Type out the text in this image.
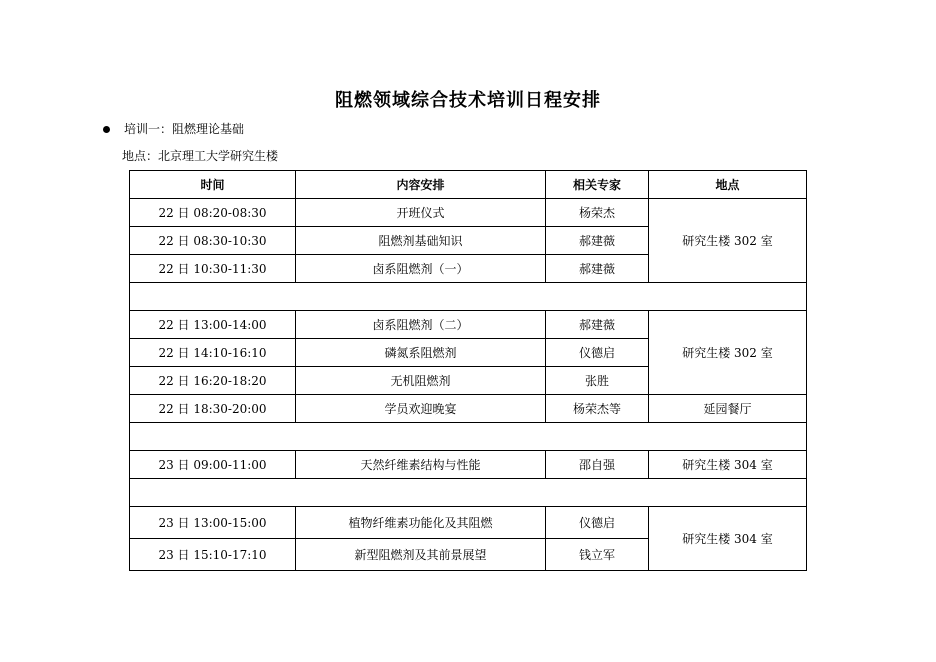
阻燃领域综合技术培训日程安排
培训一：阻燃理论基础
地点：北京理工大学研究生楼
时间	内容安排	相关专家	地点
22 日 08:20-08:30	开班仪式	杨荣杰	研究生楼 302 室
22 日 08:30-10:30	阻燃剂基础知识	郝建薇	
22 日 10:30-11:30	卤系阻燃剂（一）	郝建薇	

22 日 13:00-14:00	卤系阻燃剂（二）	郝建薇	研究生楼 302 室
22 日 14:10-16:10	磷氮系阻燃剂	仪德启	
22 日 16:20-18:20	无机阻燃剂	张胜	
22 日 18:30-20:00	学员欢迎晚宴	杨荣杰等	延园餐厅

23 日 09:00-11:00	天然纤维素结构与性能	邵自强	研究生楼 304 室

23 日 13:00-15:00	植物纤维素功能化及其阻燃	仪德启	研究生楼 304 室
23 日 15:10-17:10	新型阻燃剂及其前景展望	钱立军	
